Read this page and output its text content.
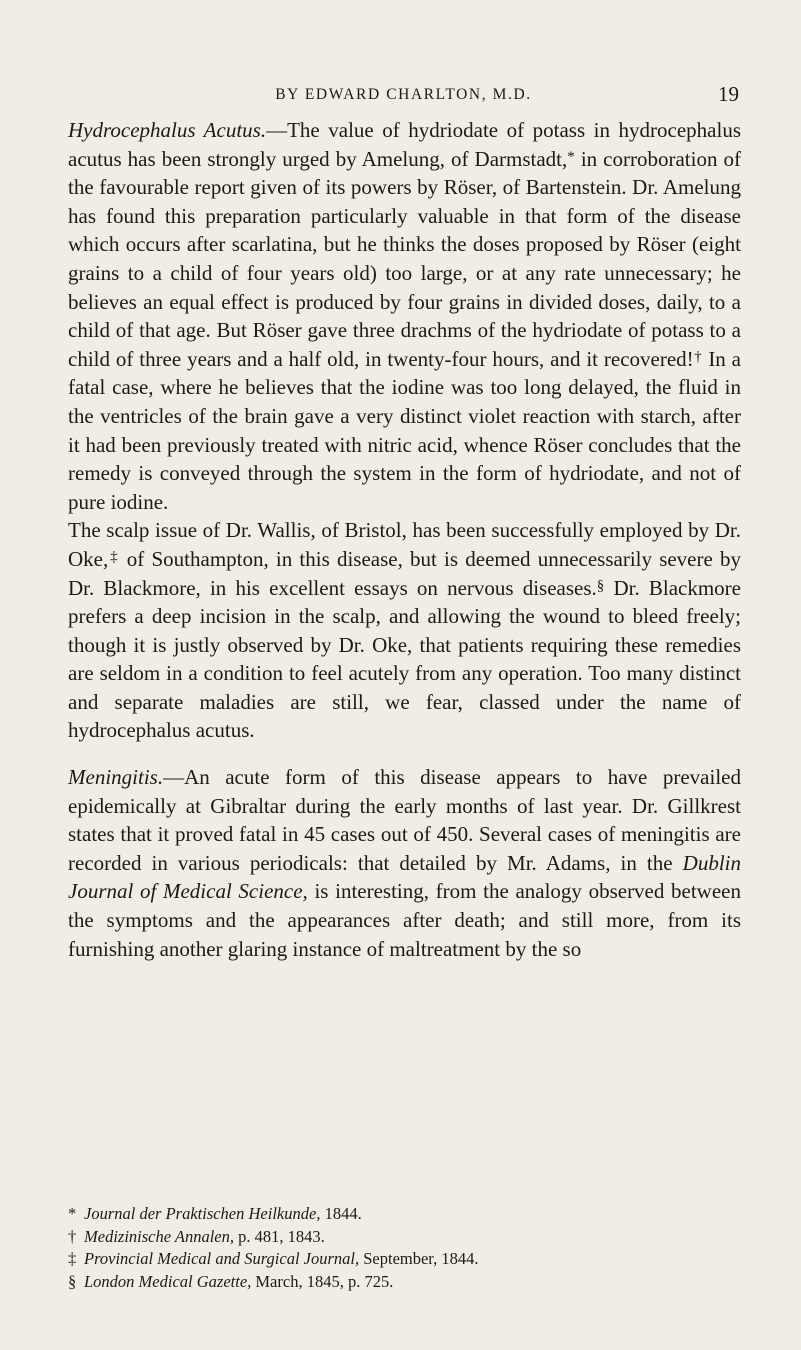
BY EDWARD CHARLTON, M.D.	19

Hydrocephalus Acutus.—The value of hydriodate of potass in hydrocephalus acutus has been strongly urged by Amelung, of Darmstadt,* in corroboration of the favourable report given of its powers by Röser, of Bartenstein. Dr. Amelung has found this preparation particularly valuable in that form of the disease which occurs after scarlatina, but he thinks the doses proposed by Röser (eight grains to a child of four years old) too large, or at any rate unnecessary; he believes an equal effect is produced by four grains in divided doses, daily, to a child of that age. But Röser gave three drachms of the hydriodate of potass to a child of three years and a half old, in twenty-four hours, and it recovered!† In a fatal case, where he believes that the iodine was too long delayed, the fluid in the ventricles of the brain gave a very distinct violet reaction with starch, after it had been previously treated with nitric acid, whence Röser concludes that the remedy is conveyed through the system in the form of hydriodate, and not of pure iodine.

The scalp issue of Dr. Wallis, of Bristol, has been successfully employed by Dr. Oke,‡ of Southampton, in this disease, but is deemed unnecessarily severe by Dr. Blackmore, in his excellent essays on nervous diseases.§ Dr. Blackmore prefers a deep incision in the scalp, and allowing the wound to bleed freely; though it is justly observed by Dr. Oke, that patients requiring these remedies are seldom in a condition to feel acutely from any operation. Too many distinct and separate maladies are still, we fear, classed under the name of hydrocephalus acutus.

Meningitis.—An acute form of this disease appears to have prevailed epidemically at Gibraltar during the early months of last year. Dr. Gillkrest states that it proved fatal in 45 cases out of 450. Several cases of meningitis are recorded in various periodicals: that detailed by Mr. Adams, in the Dublin Journal of Medical Science, is interesting, from the analogy observed between the symptoms and the appearances after death; and still more, from its furnishing another glaring instance of maltreatment by the so

* Journal der Praktischen Heilkunde, 1844.

† Medizinische Annalen, p. 481, 1843.

‡ Provincial Medical and Surgical Journal, September, 1844.

§ London Medical Gazette, March, 1845, p. 725.
